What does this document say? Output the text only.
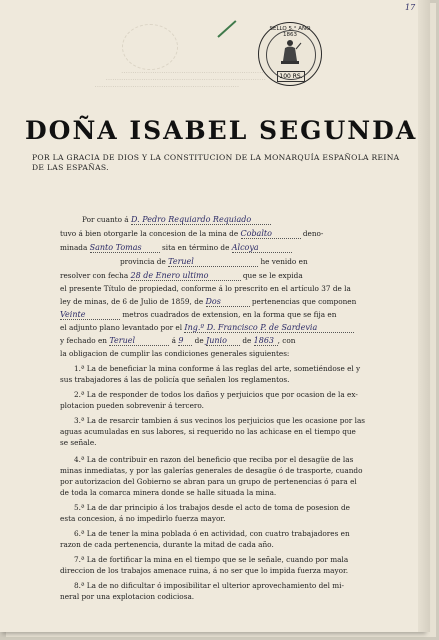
17
SELLO 5.° AÑO 1863
100 RS.
................................................................
........................................................................
.................................................................
DOÑA ISABEL SEGUNDA
POR LA GRACIA DE DIOS Y LA CONSTITUCION DE LA MONARQUÍA ESPAÑOLA REINA DE LAS ESPAÑAS.
Por cuanto á D. Pedro Requiardo Requiado
tuvo á bien otorgarle la concesion de la mina de Cobalto	deno-
minada Santo Tomas	sita en término de Alcoya
provincia de Teruel	he venido en
resolver con fecha 28 de Enero ultimo	que se le expida
el presente Título de propiedad, conforme á lo prescrito en el artículo 37 de la
ley de minas, de 6 de Julio de 1859, de Dos	pertenencias que componen
Veinte	metros cuadrados de extension, en la forma que se fija en
el adjunto plano levantado por el Ing.º D. Francisco P. de Sardevia
y fechado en Teruel	á 9 de Junio de 1863 , con
la obligacion de cumplir las condiciones generales siguientes:
1.ª La de beneficiar la mina conforme á las reglas del arte, sometiéndose el y
sus trabajadores á las de policía que señalen los reglamentos.
2.ª La de responder de todos los daños y perjuicios que por ocasion de la ex-
plotacion pueden sobrevenir á tercero.
3.ª La de resarcir tambien á sus vecinos los perjuicios que les ocasione por las
aguas acumuladas en sus labores, si requerido no las achicase en el tiempo que
se señale.
4.ª La de contribuir en razon del beneficio que reciba por el desagüe de las
minas inmediatas, y por las galerías generales de desagüe ó de trasporte, cuando
por autorizacion del Gobierno se abran para un grupo de pertenencias ó para el
de toda la comarca minera donde se halle situada la mina.
5.ª La de dar principio á los trabajos desde el acto de toma de posesion de
esta concesion, á no impedirlo fuerza mayor.
6.ª La de tener la mina poblada ó en actividad, con cuatro trabajadores en
razon de cada pertenencia, durante la mitad de cada año.
7.ª La de fortificar la mina en el tiempo que se le señale, cuando por mala
direccion de los trabajos amenace ruina, á no ser que lo impida fuerza mayor.
8.ª La de no dificultar ó imposibilitar el ulterior aprovechamiento del mi-
neral por una explotacion codiciosa.
